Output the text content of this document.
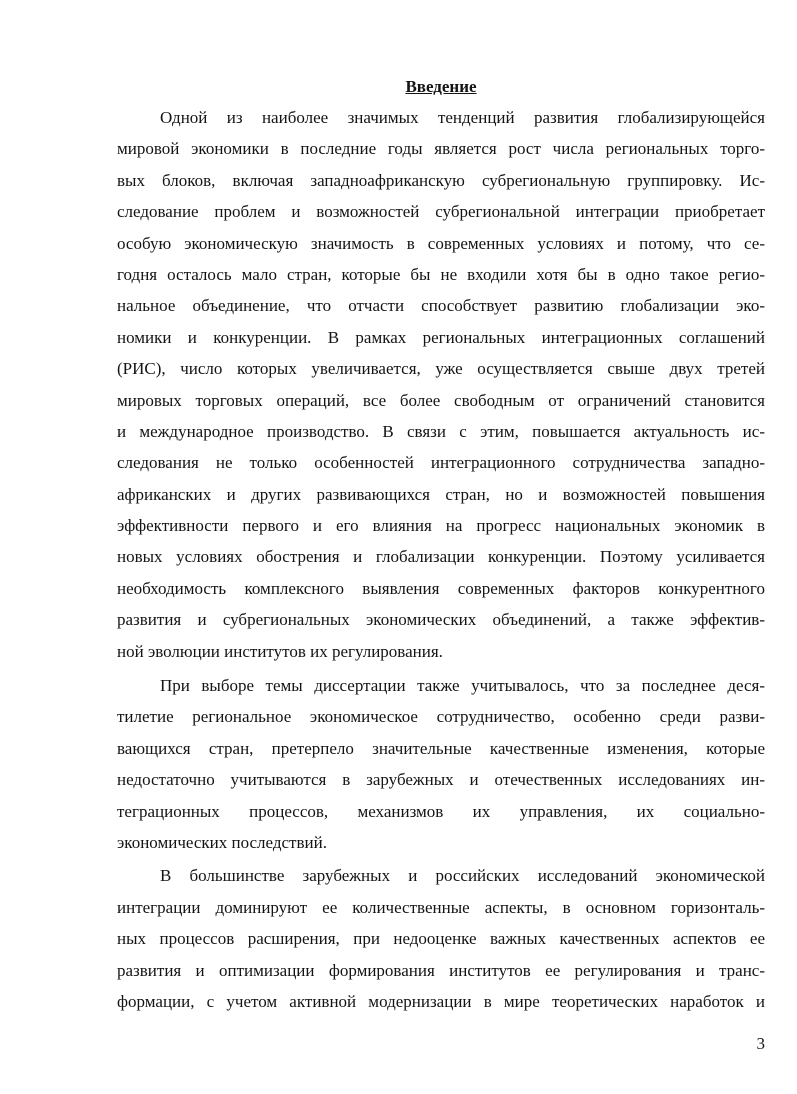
Введение
Одной из наиболее значимых тенденций развития глобализирующейся
мировой экономики в последние годы является рост числа региональных торго-
вых блоков, включая западноафриканскую субрегиональную группировку. Ис-
следование проблем и возможностей субрегиональной интеграции приобретает
особую экономическую значимость в современных условиях и потому, что се-
годня осталось мало стран, которые бы не входили хотя бы в одно такое регио-
нальное объединение, что отчасти способствует развитию глобализации эко-
номики и конкуренции. В рамках региональных интеграционных соглашений
(РИС), число которых увеличивается, уже осуществляется свыше двух третей
мировых торговых операций, все более свободным от ограничений становится
и международное производство. В связи с этим, повышается актуальность ис-
следования не только особенностей интеграционного сотрудничества западно-
африканских и других развивающихся стран, но и возможностей повышения
эффективности первого и его влияния на прогресс национальных экономик в
новых условиях обострения и глобализации конкуренции. Поэтому усиливается
необходимость комплексного выявления современных факторов конкурентного
развития и субрегиональных экономических объединений, а также эффектив-
ной эволюции институтов их регулирования.
При выборе темы диссертации также учитывалось, что за последнее деся-
тилетие региональное экономическое сотрудничество, особенно среди разви-
вающихся стран, претерпело значительные качественные изменения, которые
недостаточно учитываются в зарубежных и отечественных исследованиях ин-
теграционных процессов, механизмов их управления, их социально-
экономических последствий.
В большинстве зарубежных и российских исследований экономической
интеграции доминируют ее количественные аспекты, в основном горизонталь-
ных процессов расширения, при недооценке важных качественных аспектов ее
развития и оптимизации формирования институтов ее регулирования и транс-
формации, с учетом активной модернизации в мире теоретических наработок и
3
